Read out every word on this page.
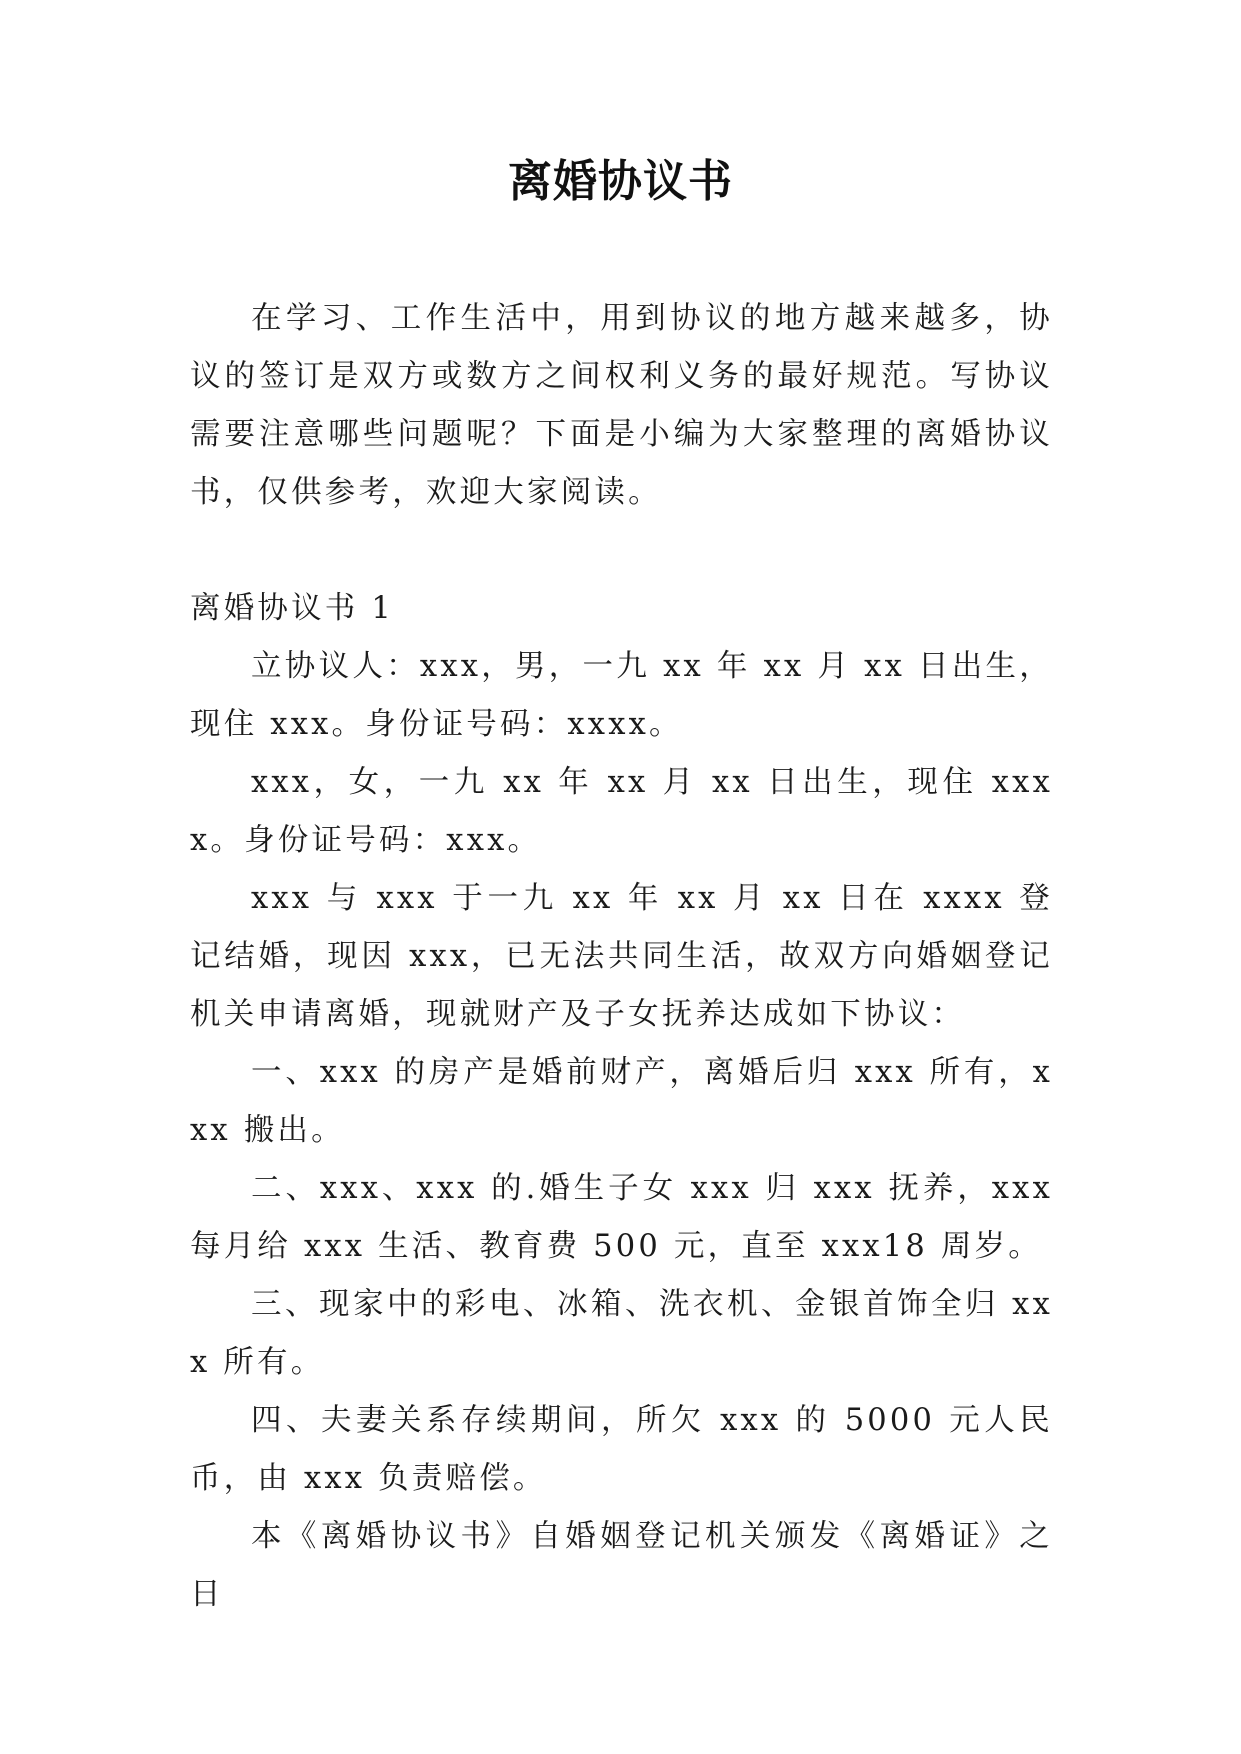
离婚协议书

在学习、工作生活中，用到协议的地方越来越多，协议的签订是双方或数方之间权利义务的最好规范。写协议需要注意哪些问题呢？下面是小编为大家整理的离婚协议书，仅供参考，欢迎大家阅读。

离婚协议书 1

立协议人：xxx，男，一九 xx 年 xx 月 xx 日出生，现住 xxx。身份证号码：xxxx。

xxx，女，一九 xx 年 xx 月 xx 日出生，现住 xxxx。身份证号码：xxx。

xxx 与 xxx 于一九 xx 年 xx 月 xx 日在 xxxx 登记结婚，现因 xxx，已无法共同生活，故双方向婚姻登记机关申请离婚，现就财产及子女抚养达成如下协议：

一、xxx 的房产是婚前财产，离婚后归 xxx 所有，xxx 搬出。

二、xxx、xxx 的.婚生子女 xxx 归 xxx 抚养，xxx 每月给 xxx 生活、教育费 500 元，直至 xxx18 周岁。

三、现家中的彩电、冰箱、洗衣机、金银首饰全归 xxx 所有。

四、夫妻关系存续期间，所欠 xxx 的 5000 元人民币，由 xxx 负责赔偿。

本《离婚协议书》自婚姻登记机关颁发《离婚证》之日
